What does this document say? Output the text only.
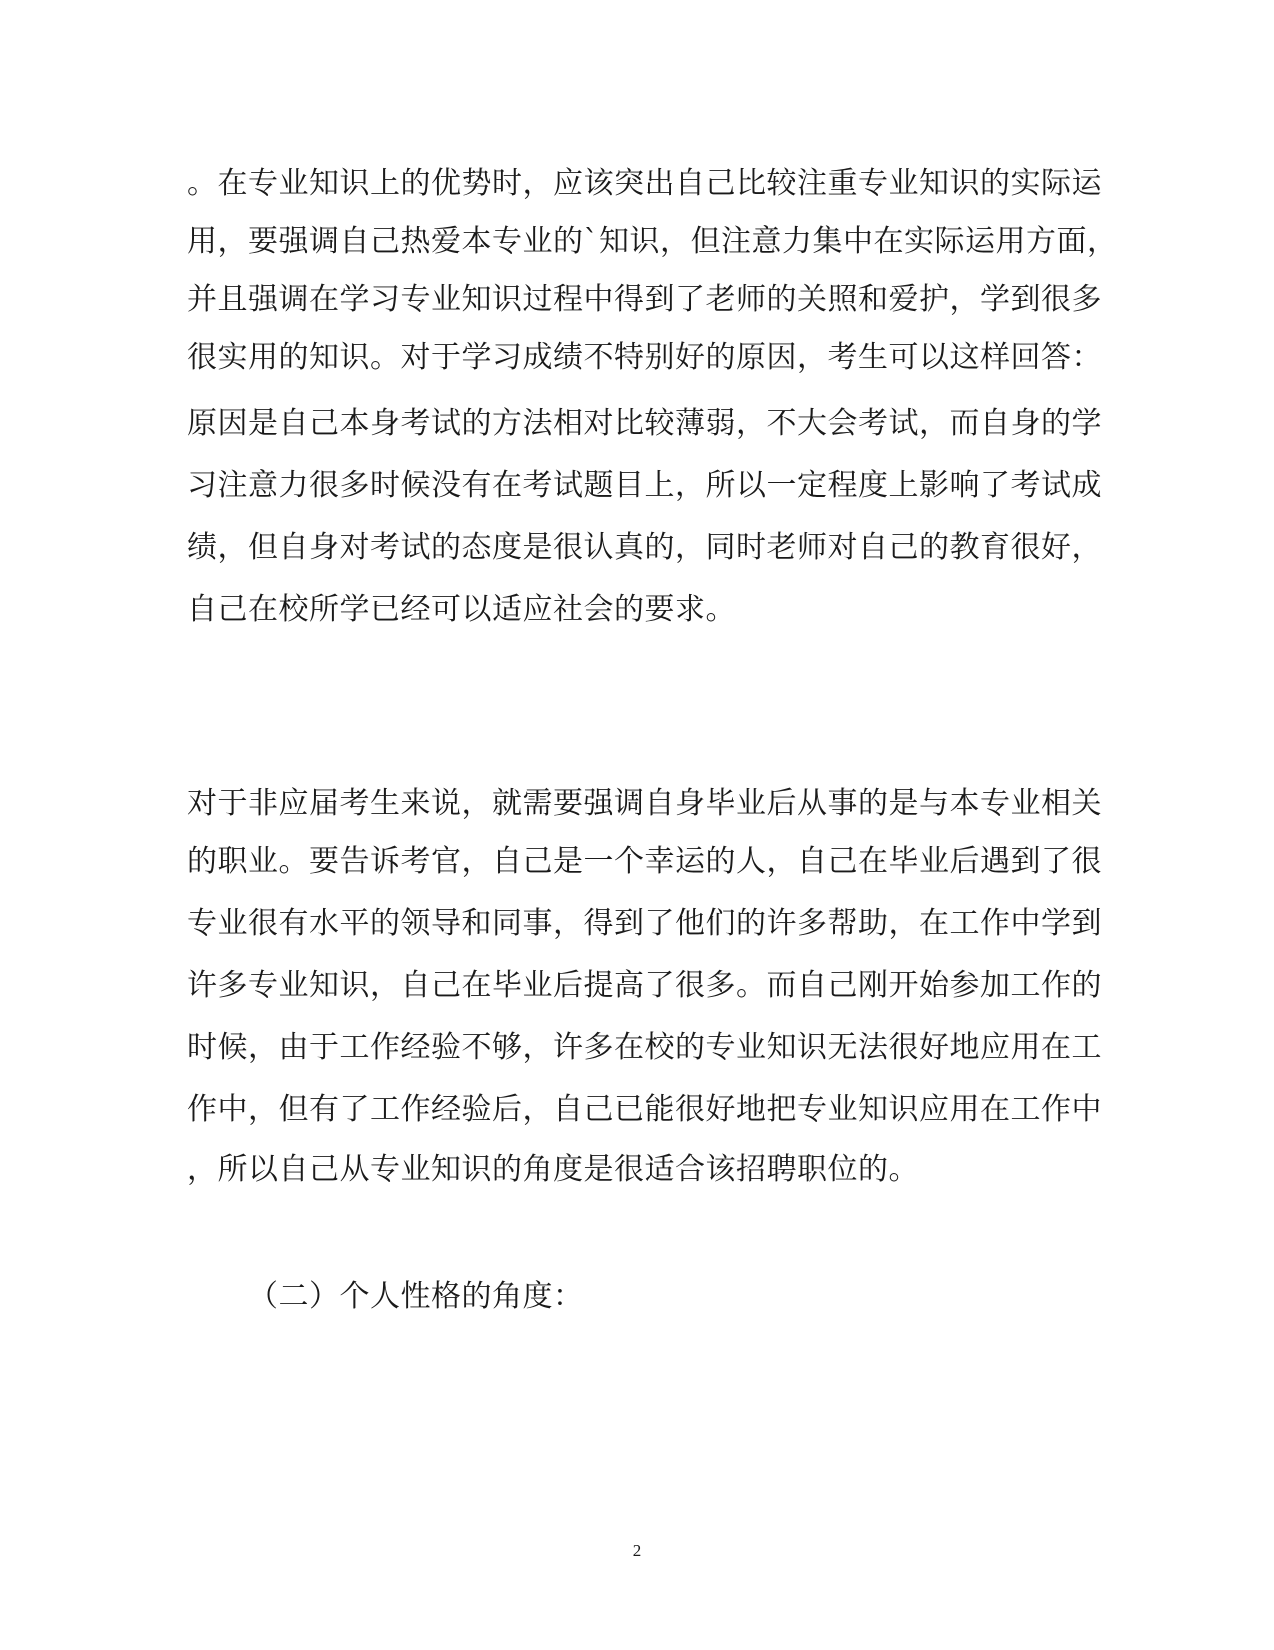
。在专业知识上的优势时，应该突出自己比较注重专业知识的实际运
用，要强调自己热爱本专业的`知识，但注意力集中在实际运用方面，
并且强调在学习专业知识过程中得到了老师的关照和爱护，学到很多
很实用的知识。对于学习成绩不特别好的原因，考生可以这样回答：
原因是自己本身考试的方法相对比较薄弱，不大会考试，而自身的学
习注意力很多时候没有在考试题目上，所以一定程度上影响了考试成
绩，但自身对考试的态度是很认真的，同时老师对自己的教育很好，
自己在校所学已经可以适应社会的要求。
对于非应届考生来说，就需要强调自身毕业后从事的是与本专业相关
的职业。要告诉考官，自己是一个幸运的人，自己在毕业后遇到了很
专业很有水平的领导和同事，得到了他们的许多帮助，在工作中学到
许多专业知识，自己在毕业后提高了很多。而自己刚开始参加工作的
时候，由于工作经验不够，许多在校的专业知识无法很好地应用在工
作中，但有了工作经验后，自己已能很好地把专业知识应用在工作中
，所以自己从专业知识的角度是很适合该招聘职位的。
（二）个人性格的角度：
2
